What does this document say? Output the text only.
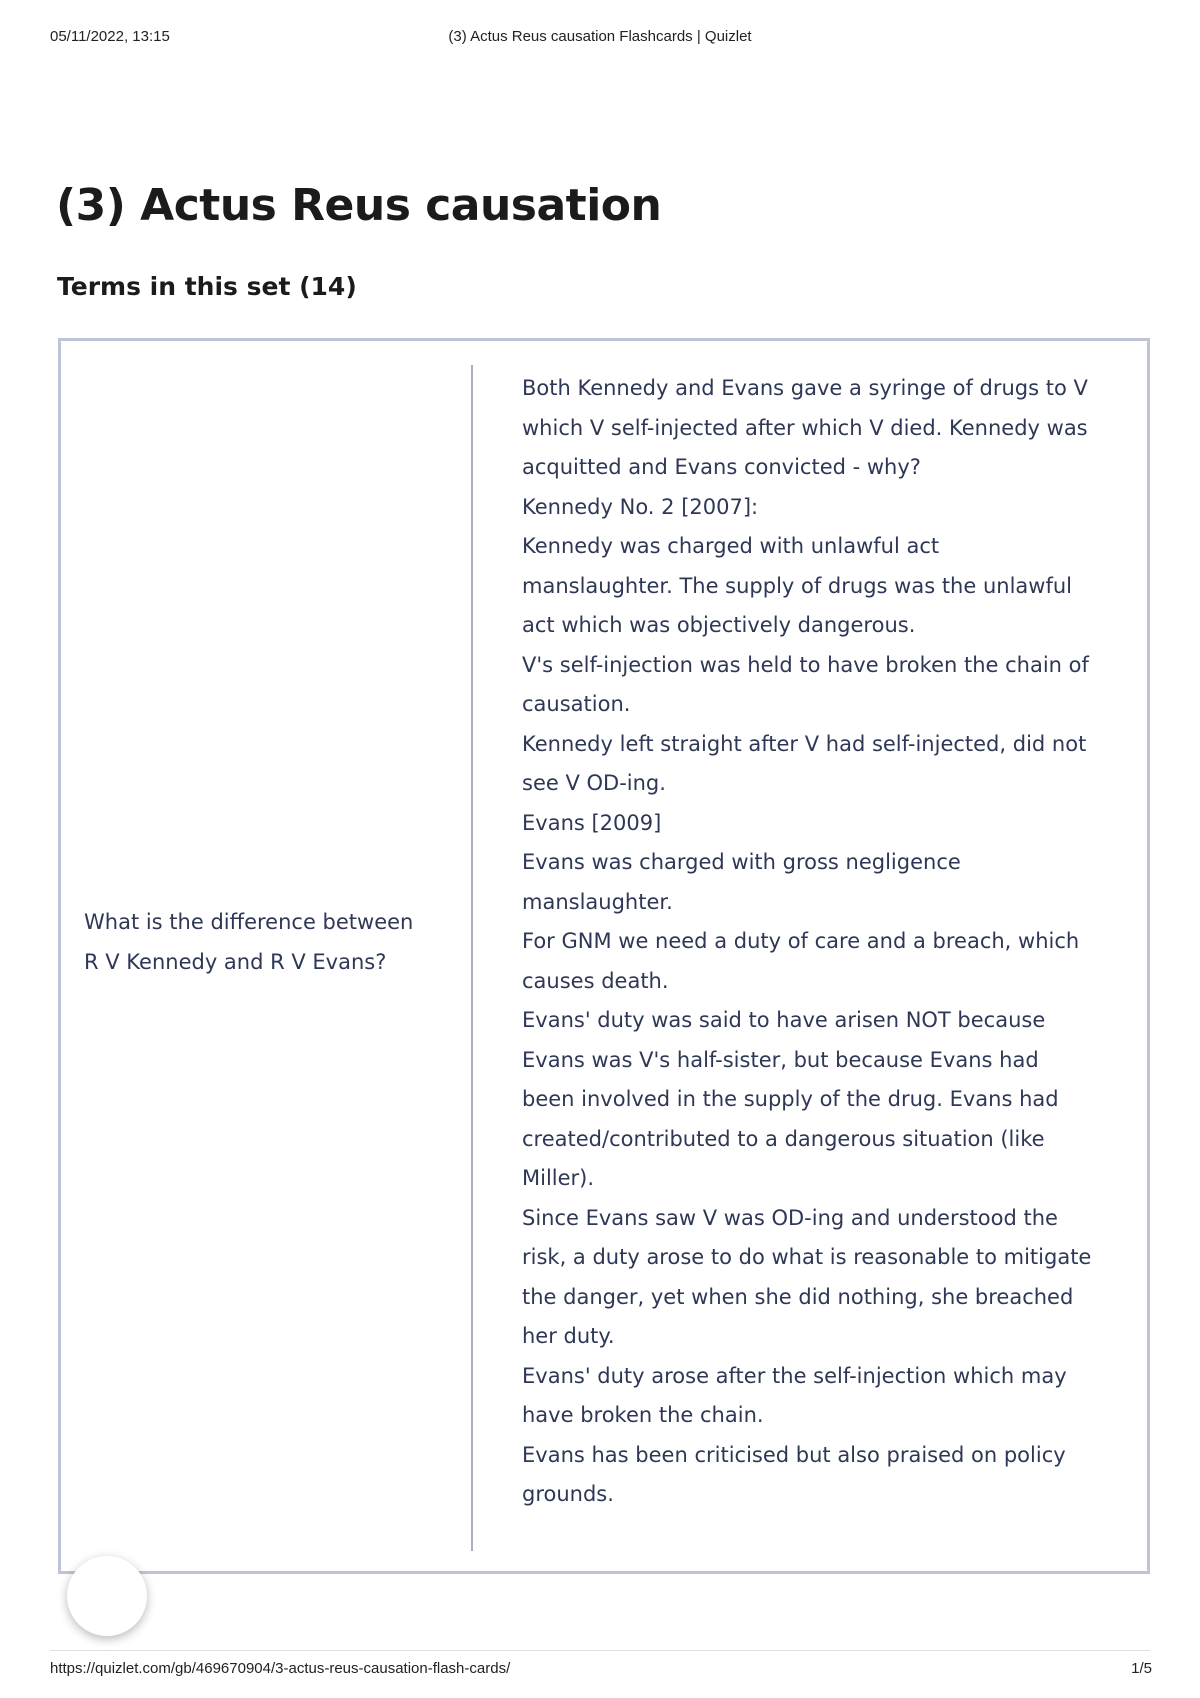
05/11/2022, 13:15	(3) Actus Reus causation Flashcards | Quizlet
(3) Actus Reus causation
Terms in this set (14)

What is the difference between R V Kennedy and R V Evans?

Both Kennedy and Evans gave a syringe of drugs to V which V self-injected after which V died. Kennedy was acquitted and Evans convicted - why?
Kennedy No. 2 [2007]:
Kennedy was charged with unlawful act manslaughter. The supply of drugs was the unlawful act which was objectively dangerous.
V's self-injection was held to have broken the chain of causation.
Kennedy left straight after V had self-injected, did not see V OD-ing.
Evans [2009]
Evans was charged with gross negligence manslaughter.
For GNM we need a duty of care and a breach, which causes death.
Evans' duty was said to have arisen NOT because Evans was V's half-sister, but because Evans had been involved in the supply of the drug. Evans had created/contributed to a dangerous situation (like Miller).
Since Evans saw V was OD-ing and understood the risk, a duty arose to do what is reasonable to mitigate the danger, yet when she did nothing, she breached her duty.
Evans' duty arose after the self-injection which may have broken the chain.
Evans has been criticised but also praised on policy grounds.
https://quizlet.com/gb/469670904/3-actus-reus-causation-flash-cards/	1/5
